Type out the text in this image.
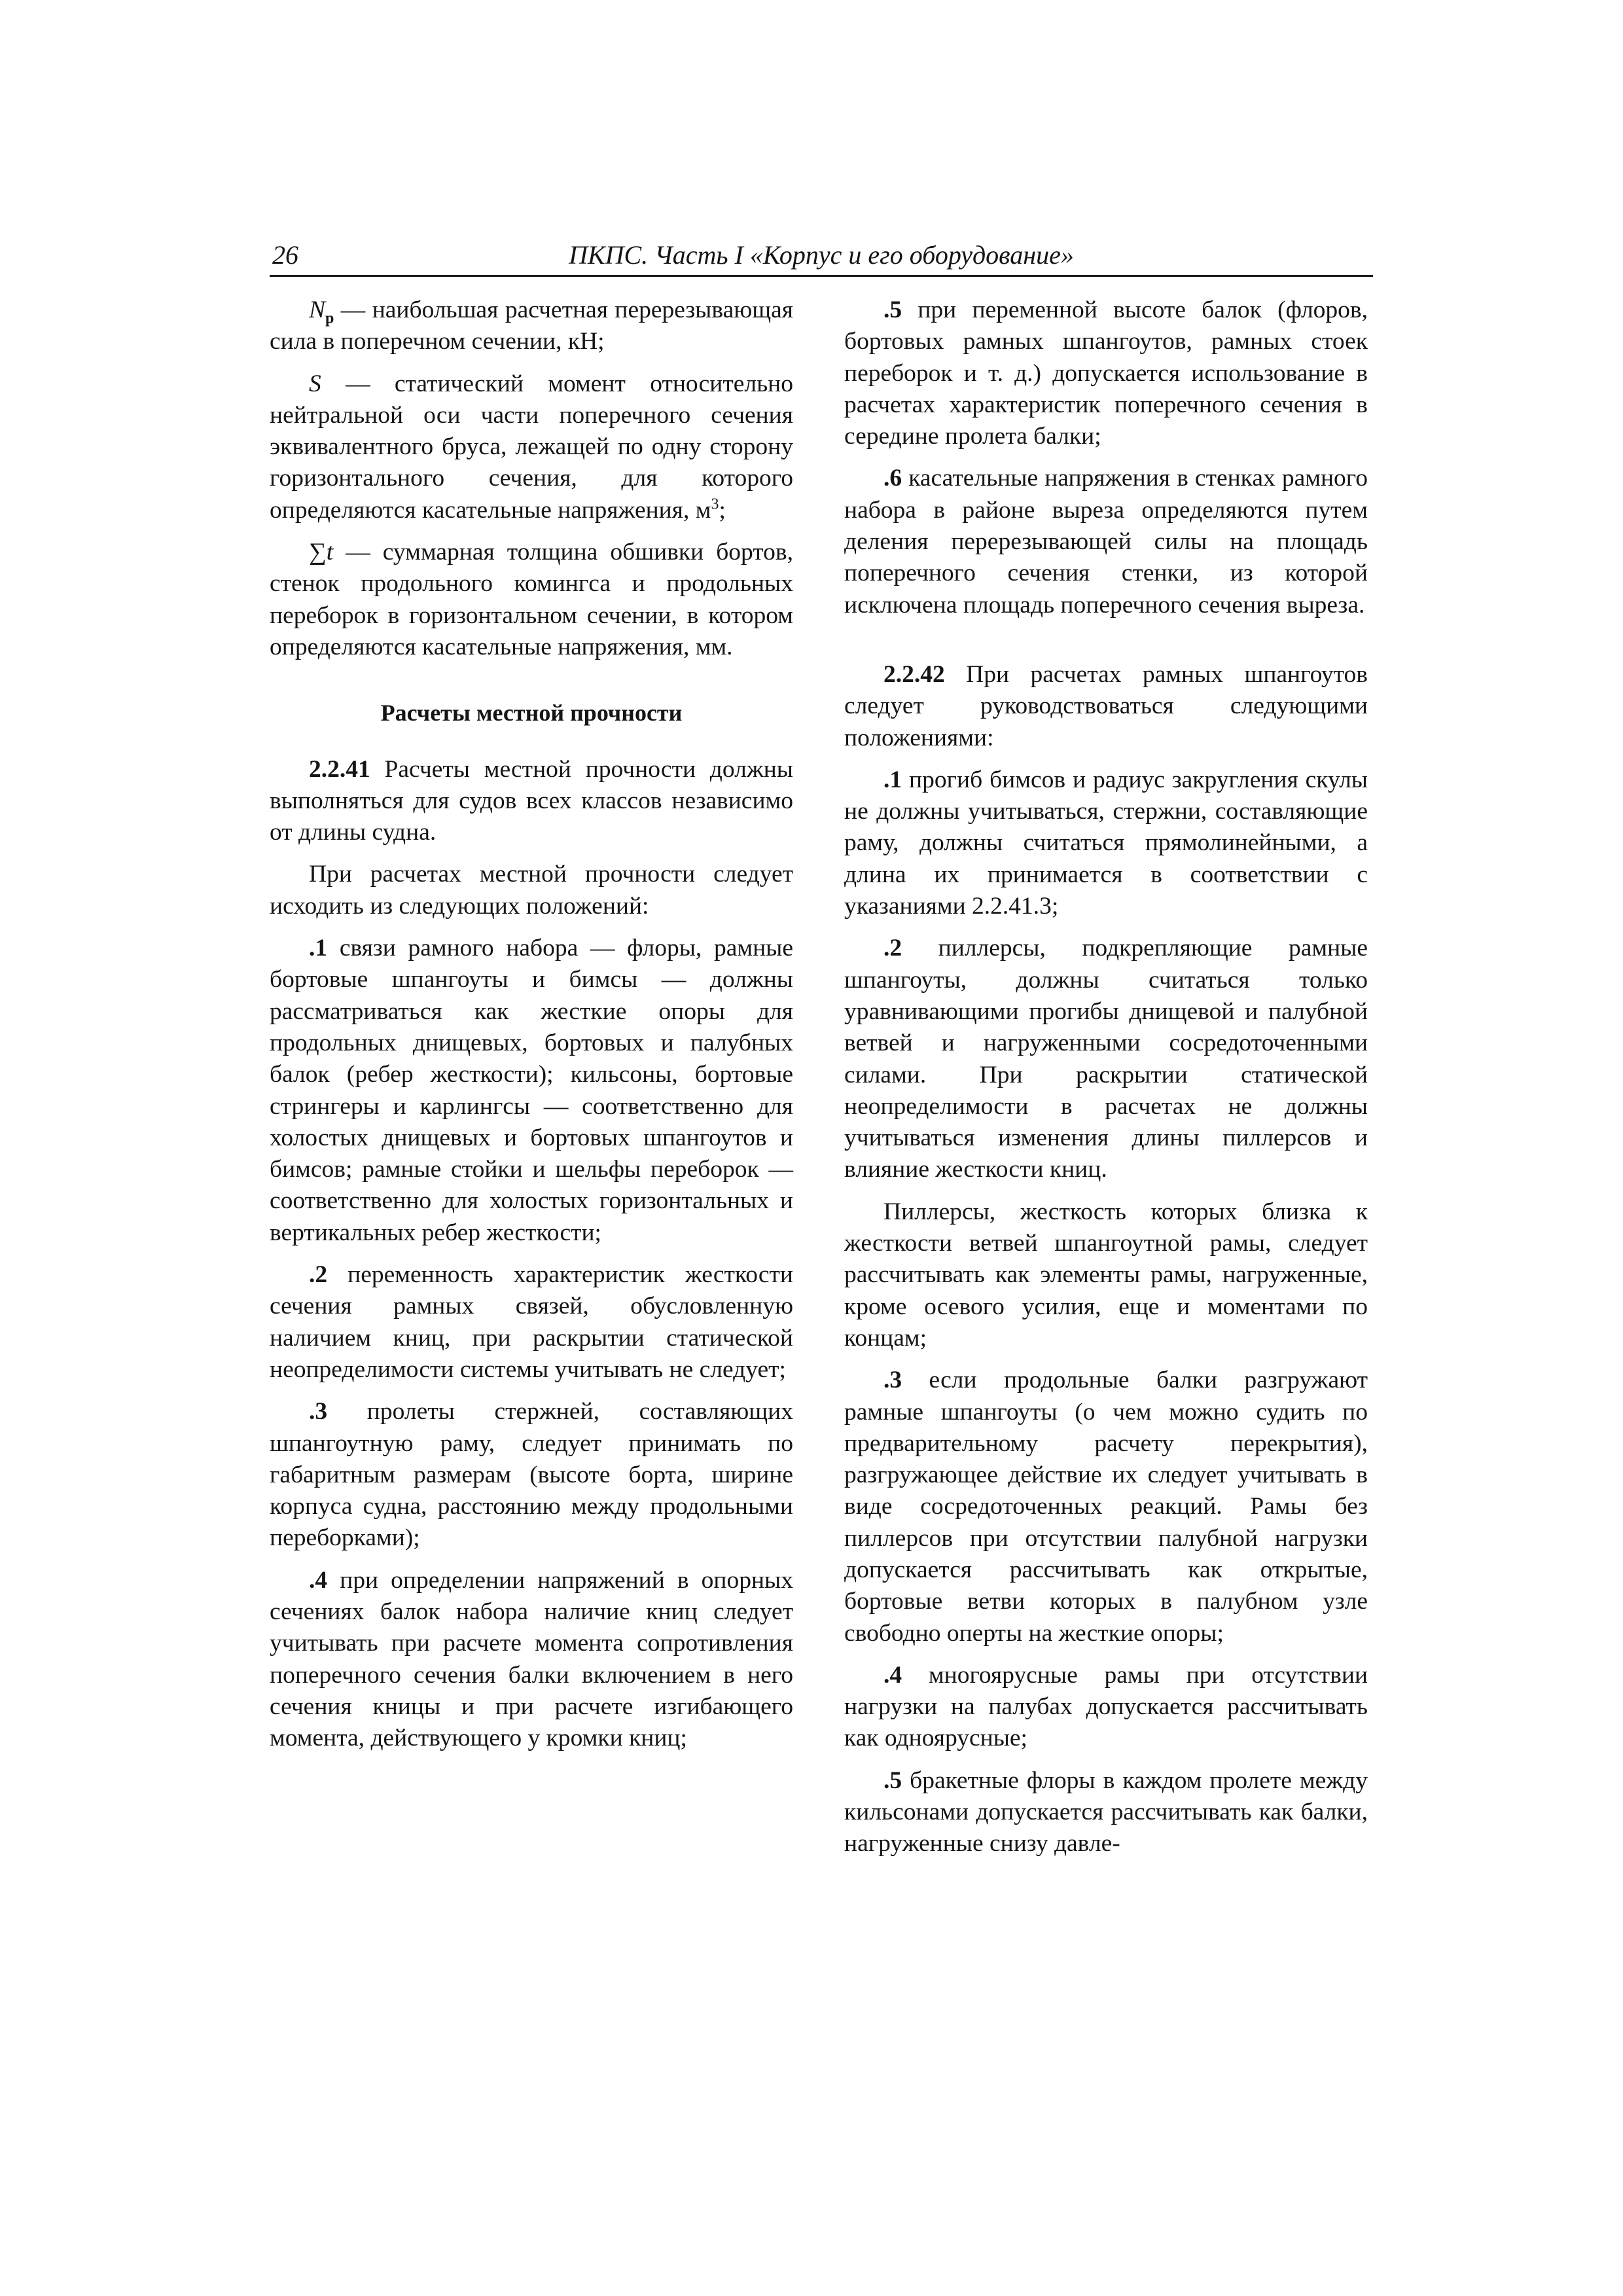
26	ПКПС. Часть I «Корпус и его оборудование»

$N_p$ — наибольшая расчетная перерезывающая сила в поперечном сечении, кН;

S — статический момент относительно нейтральной оси части поперечного сечения эквивалентного бруса, лежащей по одну сторону горизонтального сечения, для которого определяются касательные напряжения, $м^3$;

∑t — суммарная толщина обшивки бортов, стенок продольного комингса и продольных переборок в горизонтальном сечении, в котором определяются касательные напряжения, мм.

Расчеты местной прочности

2.2.41 Расчеты местной прочности должны выполняться для судов всех классов независимо от длины судна.

При расчетах местной прочности следует исходить из следующих положений:

.1 связи рамного набора — флоры, рамные бортовые шпангоуты и бимсы — должны рассматриваться как жесткие опоры для продольных днищевых, бортовых и палубных балок (ребер жесткости); кильсоны, бортовые стрингеры и карлингсы — соответственно для холостых днищевых и бортовых шпангоутов и бимсов; рамные стойки и шельфы переборок — соответственно для холостых горизонтальных и вертикальных ребер жесткости;

.2 переменность характеристик жесткости сечения рамных связей, обусловленную наличием книц, при раскрытии статической неопределимости системы учитывать не следует;

.3 пролеты стержней, составляющих шпангоутную раму, следует принимать по габаритным размерам (высоте борта, ширине корпуса судна, расстоянию между продольными переборками);

.4 при определении напряжений в опорных сечениях балок набора наличие книц следует учитывать при расчете момента сопротивления поперечного сечения балки включением в него сечения кницы и при расчете изгибающего момента, действующего у кромки книц;

.5 при переменной высоте балок (флоров, бортовых рамных шпангоутов, рамных стоек переборок и т. д.) допускается использование в расчетах характеристик поперечного сечения в середине пролета балки;

.6 касательные напряжения в стенках рамного набора в районе выреза определяются путем деления перерезывающей силы на площадь поперечного сечения стенки, из которой исключена площадь поперечного сечения выреза.

2.2.42 При расчетах рамных шпангоутов следует руководствоваться следующими положениями:

.1 прогиб бимсов и радиус закругления скулы не должны учитываться, стержни, составляющие раму, должны считаться прямолинейными, а длина их принимается в соответствии с указаниями 2.2.41.3;

.2 пиллерсы, подкрепляющие рамные шпангоуты, должны считаться только уравнивающими прогибы днищевой и палубной ветвей и нагруженными сосредоточенными силами. При раскрытии статической неопределимости в расчетах не должны учитываться изменения длины пиллерсов и влияние жесткости книц.

Пиллерсы, жесткость которых близка к жесткости ветвей шпангоутной рамы, следует рассчитывать как элементы рамы, нагруженные, кроме осевого усилия, еще и моментами по концам;

.3 если продольные балки разгружают рамные шпангоуты (о чем можно судить по предварительному расчету перекрытия), разгружающее действие их следует учитывать в виде сосредоточенных реакций. Рамы без пиллерсов при отсутствии палубной нагрузки допускается рассчитывать как открытые, бортовые ветви которых в палубном узле свободно оперты на жесткие опоры;

.4 многоярусные рамы при отсутствии нагрузки на палубах допускается рассчитывать как одноярусные;

.5 бракетные флоры в каждом пролете между кильсонами допускается рассчитывать как балки, нагруженные снизу давле-
